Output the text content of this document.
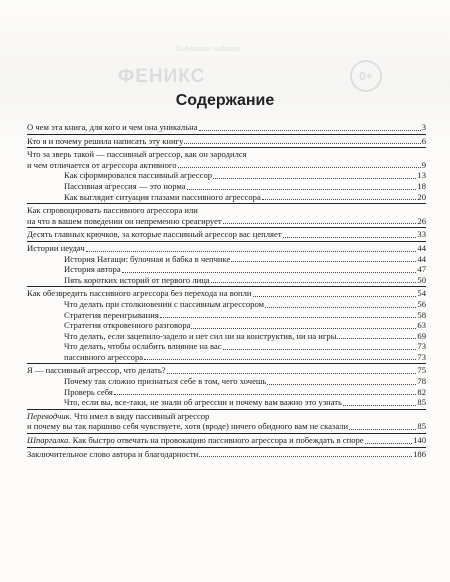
Подлинное издание
ФЕНИКС	0+
Содержание
О чем эта книга, для кого и чем она уникальна	3
Кто я и почему решила написать эту книгу	6
Что за зверь такой — пассивный агрессор, как он зародился
и чем отличается от агрессора активного	9
Как сформировался пассивный агрессор	13
Пассивная агрессия — это норма	18
Как выглядит ситуация глазами пассивного агрессора	20
Как спровоцировать пассивного агрессора или
на что в вашем поведении он непременно среагирует	26
Десять главных крючков, за которые пассивный агрессор вас цепляет	33
Истории неудач	44
История Натащи: булочная и бабка в чепчике	44
История автора	47
Пять коротких историй от первого лица	50
Как обезвредить пассивного агрессора без перехода на вопли	54
Что делать при столкновении с пассивным агрессором	56
Стратегия переигрывания	58
Стратегия откровенного разговора	63
Что делать, если зацепило-задело и нет сил ни на конструктив, ни на игры	69
Что делать, чтобы ослабить влияние на вас	73
пассивного агрессора	73
Я — пассивный агрессор, что делать?	75
Почему так сложно признаться себе в том, чего хочешь	78
Проверь себя	82
Что, если вы, все-таки, не знали об агрессии и почему вам важно это узнать	85
Переводчик. Что имел в виду пассивный агрессор
и почему вы так паршиво себя чувствуете, хотя (вроде) ничего обидного вам не сказали	85
Шпаргалка. Как быстро отвечать на провокацию пассивного агрессора и побеждать в споре	140
Заключительное слово автора и благодарности	186
